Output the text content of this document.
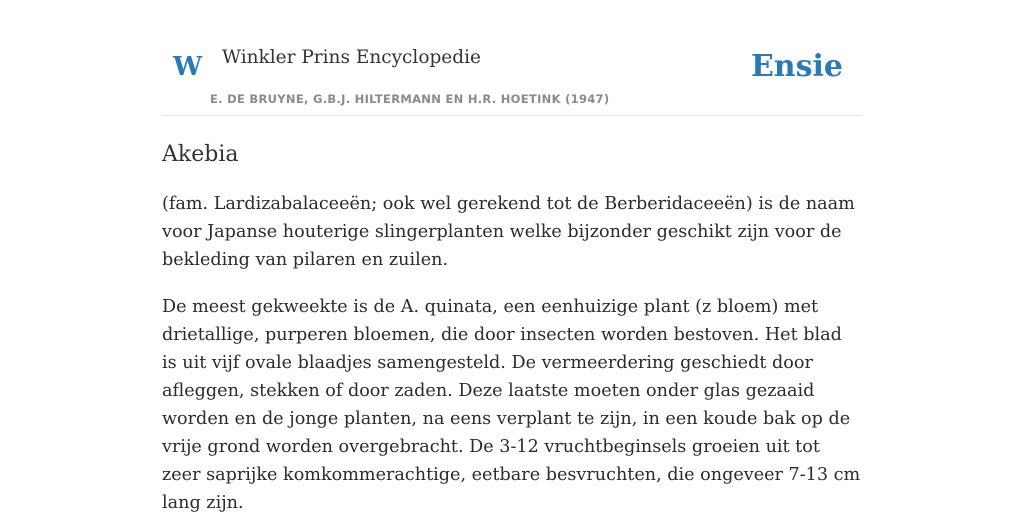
W Winkler Prins Encyclopedie
E. DE BRUYNE, G.B.J. HILTERMANN EN H.R. HOETINK (1947)
Ensie
Akebia

(fam. Lardizabalaceeën; ook wel gerekend tot de Berberidaceeën) is de naam voor Japanse houterige slingerplanten welke bijzonder geschikt zijn voor de bekleding van pilaren en zuilen.

De meest gekweekte is de A. quinata, een eenhuizige plant (z bloem) met drietallige, purperen bloemen, die door insecten worden bestoven. Het blad is uit vijf ovale blaadjes samengesteld. De vermeerdering geschiedt door afleggen, stekken of door zaden. Deze laatste moeten onder glas gezaaid worden en de jonge planten, na eens verplant te zijn, in een koude bak op de vrije grond worden overgebracht. De 3-12 vruchtbeginsels groeien uit tot zeer saprijke komkommerachtige, eetbare besvruchten, die ongeveer 7-13 cm lang zijn.
